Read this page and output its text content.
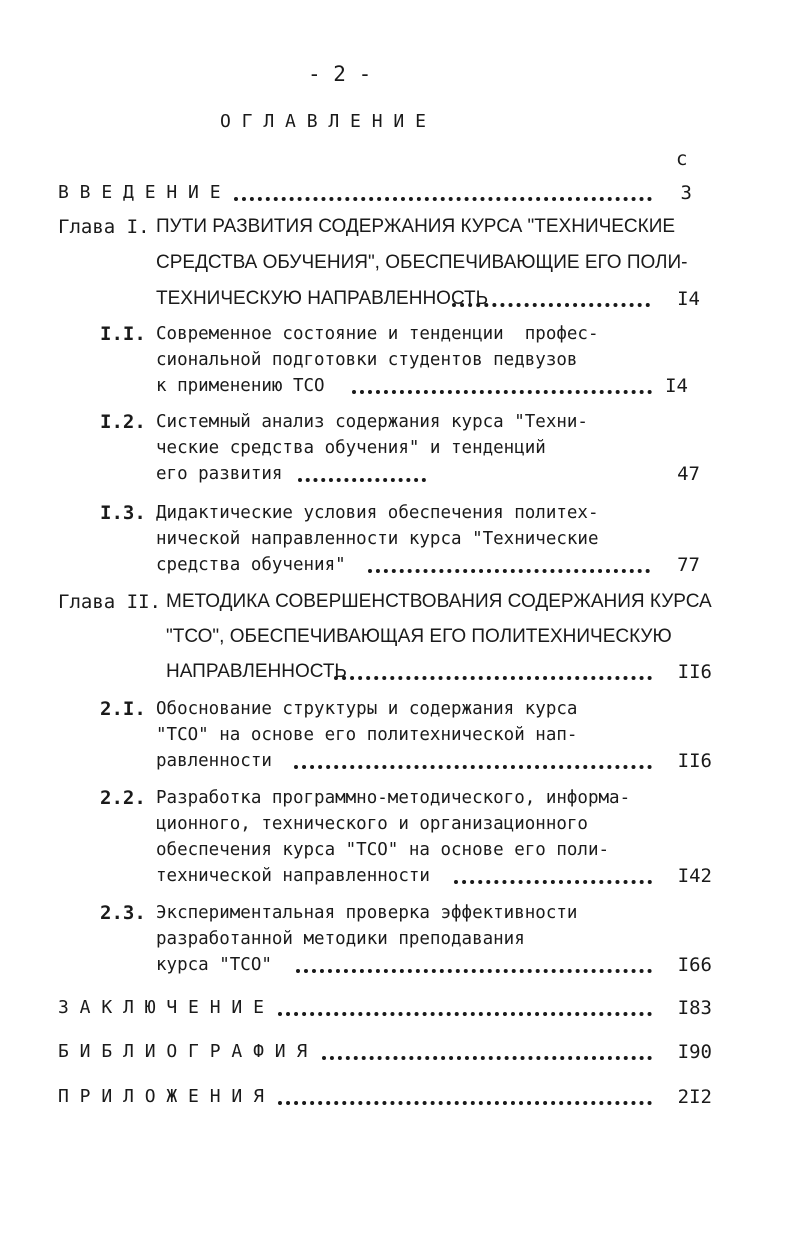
- 2 -
О Г Л А В Л Е Н И Е
с
В В Е Д Е Н И Е	3
Глава I. ПУТИ РАЗВИТИЯ СОДЕРЖАНИЯ КУРСА "ТЕХНИЧЕСКИЕ
СРЕДСТВА ОБУЧЕНИЯ", ОБЕСПЕЧИВАЮЩИЕ ЕГО ПОЛИ-
ТЕХНИЧЕСКУЮ НАПРАВЛЕННОСТЬ	I4
I.I. Современное состояние и тенденции  профес-
сиональной подготовки студентов педвузов
к применению ТСО	I4
I.2. Системный анализ содержания курса "Техни-
ческие средства обучения" и тенденций
его развития	47
I.3. Дидактические условия обеспечения политех-
нической направленности курса "Технические
средства обучения"	77
Глава II. МЕТОДИКА СОВЕРШЕНСТВОВАНИЯ СОДЕРЖАНИЯ КУРСА
"ТСО", ОБЕСПЕЧИВАЮЩАЯ ЕГО ПОЛИТЕХНИЧЕСКУЮ
НАПРАВЛЕННОСТЬ	II6
2.I. Обоснование структуры и содержания курса
"ТСО" на основе его политехнической нап-
равленности	II6
2.2. Разработка программно-методического, информа-
ционного, технического и организационного
обеспечения курса "ТСО" на основе его поли-
технической направленности	I42
2.3. Экспериментальная проверка эффективности
разработанной методики преподавания
курса "ТСО"	I66
З А К Л Ю Ч Е Н И Е	I83
Б И Б Л И О Г Р А Ф И Я	I90
П Р И Л О Ж Е Н И Я	2I2
